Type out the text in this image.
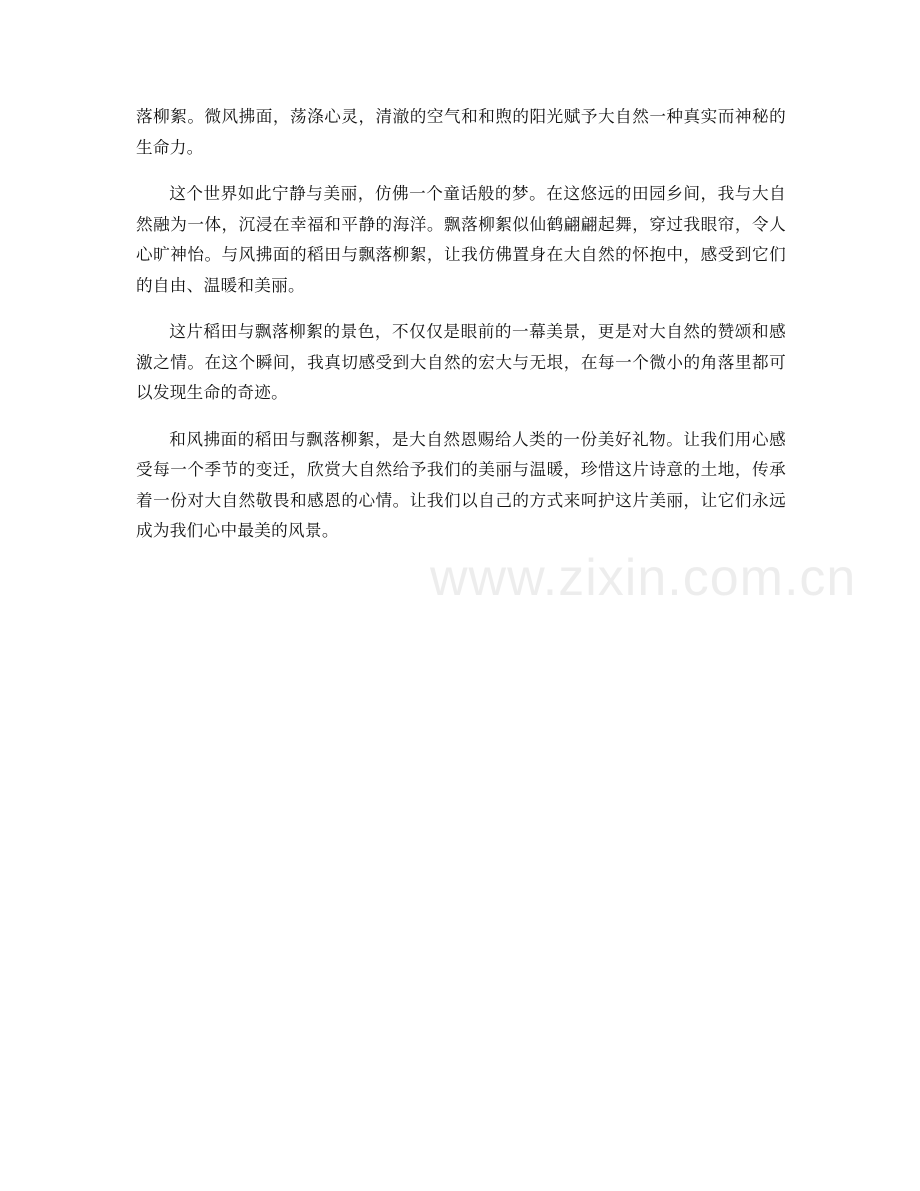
落柳絮。微风拂面，荡涤心灵，清澈的空气和和煦的阳光赋予大自然一种真实而神秘的生命力。

这个世界如此宁静与美丽，仿佛一个童话般的梦。在这悠远的田园乡间，我与大自然融为一体，沉浸在幸福和平静的海洋。飘落柳絮似仙鹤翩翩起舞，穿过我眼帘，令人心旷神怡。与风拂面的稻田与飘落柳絮，让我仿佛置身在大自然的怀抱中，感受到它们的自由、温暖和美丽。

这片稻田与飘落柳絮的景色，不仅仅是眼前的一幕美景，更是对大自然的赞颂和感激之情。在这个瞬间，我真切感受到大自然的宏大与无垠，在每一个微小的角落里都可以发现生命的奇迹。

和风拂面的稻田与飘落柳絮，是大自然恩赐给人类的一份美好礼物。让我们用心感受每一个季节的变迁，欣赏大自然给予我们的美丽与温暖，珍惜这片诗意的土地，传承着一份对大自然敬畏和感恩的心情。让我们以自己的方式来呵护这片美丽，让它们永远成为我们心中最美的风景。

www.zixin.com.cn
